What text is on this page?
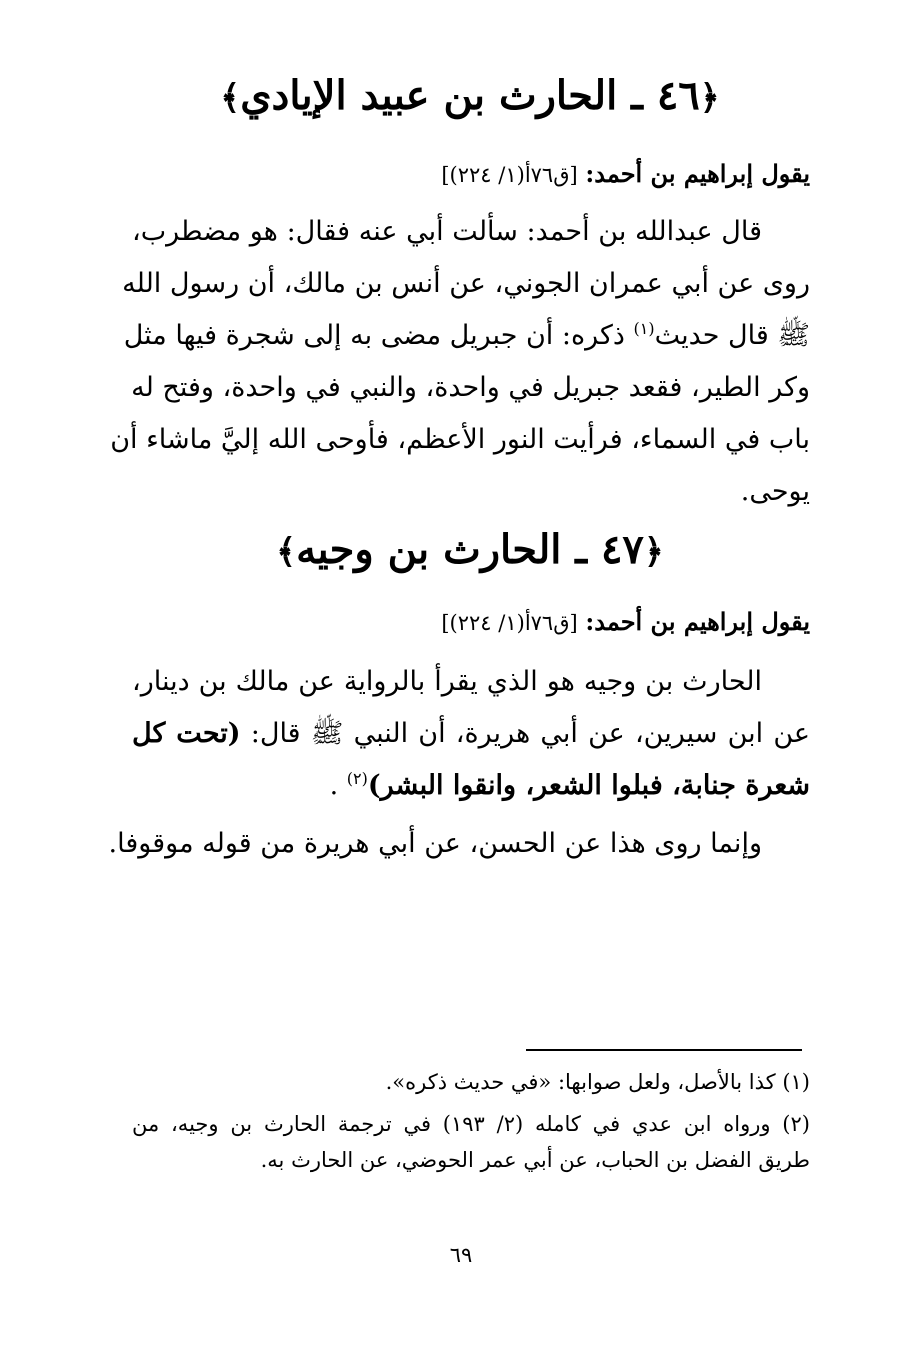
﴿٤٦ ـ الحارث بن عبيد الإيادي﴾
يقول إبراهيم بن أحمد: [ق٧٦أ(١/ ٢٢٤)]
قال عبدالله بن أحمد: سألت أبي عنه فقال: هو مضطرب،
روى عن أبي عمران الجوني، عن أنس بن مالك، أن رسول الله
ﷺ قال حديث$^{(١)}$ ذكره: أن جبريل مضى به إلى شجرة فيها مثل
وكر الطير، فقعد جبريل في واحدة، والنبي في واحدة، وفتح له
باب في السماء، فرأيت النور الأعظم، فأوحى الله إليَّ ماشاء أن
يوحى.
﴿٤٧ ـ الحارث بن وجيه﴾
يقول إبراهيم بن أحمد: [ق٧٦أ(١/ ٢٢٤)]
الحارث بن وجيه هو الذي يقرأ بالرواية عن مالك بن دينار،
عن ابن سيرين، عن أبي هريرة، أن النبي ﷺ قال: (تحت كل
شعرة جنابة، فبلوا الشعر، وانقوا البشر)$^{(٢)}$ .
وإنما روى هذا عن الحسن، عن أبي هريرة من قوله موقوفا.
(١) كذا بالأصل، ولعل صوابها: «في حديث ذكره».
(٢) ورواه ابن عدي في كامله (٢/ ١٩٣) في ترجمة الحارث بن وجيه، من
طريق الفضل بن الحباب، عن أبي عمر الحوضي، عن الحارث به.
٦٩
